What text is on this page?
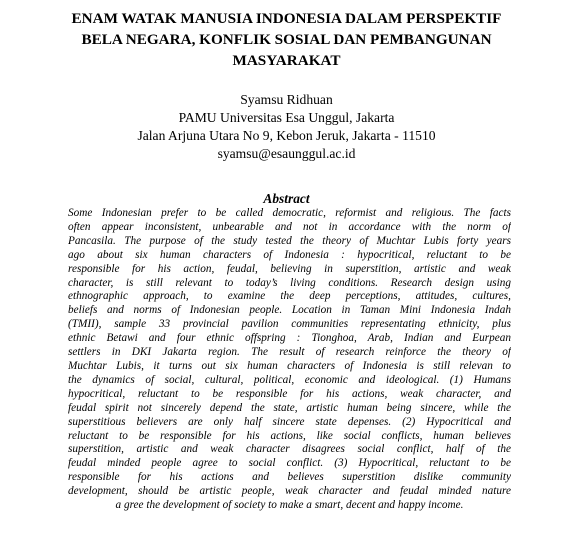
ENAM WATAK MANUSIA INDONESIA DALAM PERSPEKTIF
BELA NEGARA, KONFLIK SOSIAL DAN PEMBANGUNAN
MASYARAKAT
Syamsu Ridhuan
PAMU Universitas Esa Unggul, Jakarta
Jalan Arjuna Utara No 9, Kebon Jeruk, Jakarta - 11510
syamsu@esaunggul.ac.id
Abstract
Some Indonesian prefer to be called democratic, reformist and religious. The facts
often appear inconsistent, unbearable and not in accordance with the norm of
Pancasila. The purpose of the study tested the theory of Muchtar Lubis forty years
ago about six human characters of Indonesia : hypocritical, reluctant to be
responsible for his action, feudal, believing in superstition, artistic and weak
character, is still relevant to today’s living conditions. Research design using
ethnographic approach, to examine the deep perceptions, attitudes, cultures,
beliefs and norms of Indonesian people. Location in Taman Mini Indonesia Indah
(TMII), sample 33 provincial pavilion communities representating ethnicity, plus
ethnic Betawi and four ethnic offspring : Tionghoa, Arab, Indian and Eurpean
settlers in DKI Jakarta region. The result of research reinforce the theory of
Muchtar Lubis, it turns out six human characters of Indonesia is still relevan to
the dynamics of social, cultural, political, economic and ideological. (1) Humans
hypocritical, reluctant to be responsible for his actions, weak character, and
feudal spirit not sincerely depend the state, artistic human being sincere, while the
superstitious believers are only half sincere state depenses. (2) Hypocritical and
reluctant to be responsible for his actions, like social conflicts, human believes
superstition, artistic and weak character disagrees social conflict, half of the
feudal minded people agree to social conflict. (3) Hypocritical, reluctant to be
responsible for his actions and believes superstition dislike community
development, should be artistic people, weak character and feudal minded nature
a gree the development of society to make a smart, decent and happy income.
